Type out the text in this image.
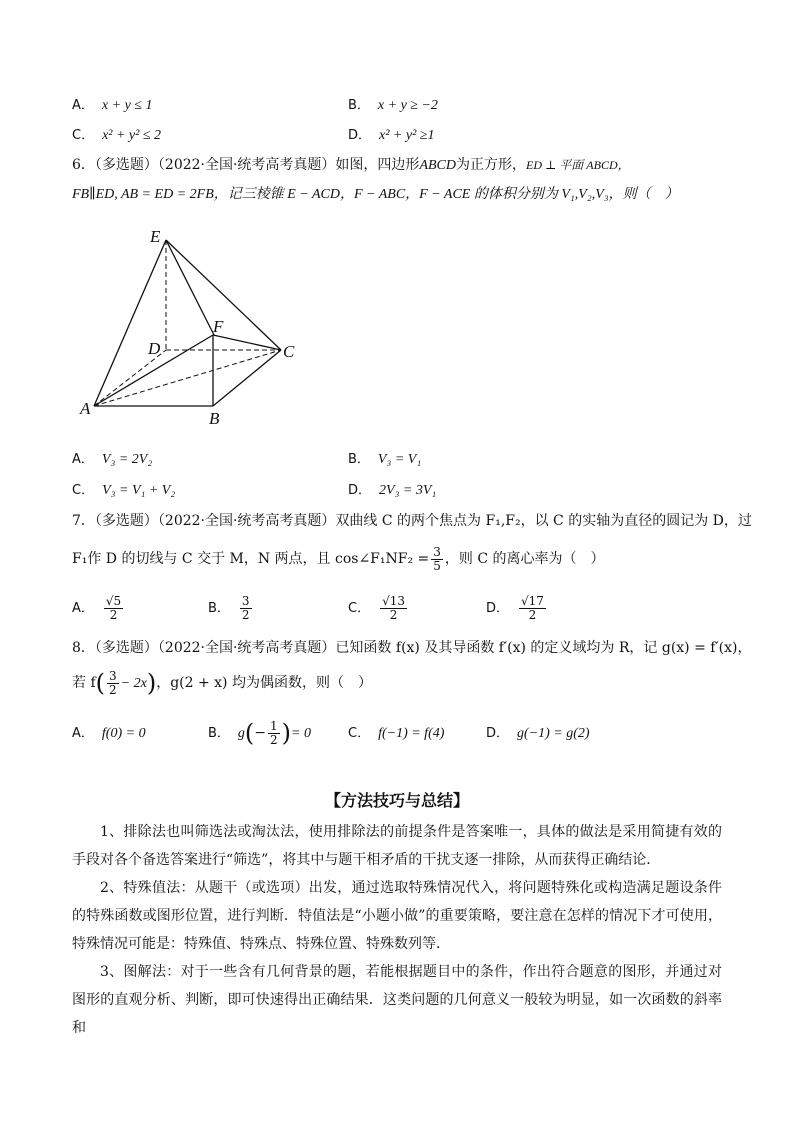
A． x + y ≤ 1	B． x + y ≥ −2
C． x² + y² ≤ 2	D． x² + y² ≥1
6．（多选题）（2022·全国·统考高考真题）如图，四边形ABCD为正方形，ED ⊥ 平面 ABCD，
FB∥ED, AB = ED = 2FB，记三棱锥 E − ACD，F − ABC，F − ACE 的体积分别为 V₁,V₂,V₃，则（　）
E
F
D	C
A
B
A． V₃ = 2V₂	B． V₃ = V₁
C． V₃ = V₁ + V₂	D． 2V₃ = 3V₁
7．（多选题）（2022·全国·统考高考真题）双曲线 C 的两个焦点为 F₁,F₂，以 C 的实轴为直径的圆记为 D，过
F₁作 D 的切线与 C 交于 M，N 两点，且 cos∠F₁NF₂ = $\frac{3}{5}$ ，则 C 的离心率为（　）
A． $\frac{√5}{2}$	B． $\frac{3}{2}$	C． $\frac{√13}{2}$	D． $\frac{√17}{2}$
8．（多选题）（2022·全国·统考高考真题）已知函数 f(x) 及其导函数 f′(x) 的定义域均为 R，记 g(x) = f′(x)，
若 $f( \frac{3}{2} - 2x)$，g(2 + x) 均为偶函数，则（　）
A． f(0) = 0	B． $g(- \frac{1}{2}$ )= 0	C． f(−1) = f(4)	D． g(−1) = g(2)
【方法技巧与总结】
1、排除法也叫筛选法或淘汰法，使用排除法的前提条件是答案唯一，具体的做法是采用简捷有效的手段对各个备选答案进行“筛选”，将其中与题干相矛盾的干扰支逐一排除，从而获得正确结论．
2、特殊值法：从题干（或选项）出发，通过选取特殊情况代入，将问题特殊化或构造满足题设条件的特殊函数或图形位置，进行判断．特值法是“小题小做”的重要策略，要注意在怎样的情况下才可使用，特殊情况可能是：特殊值、特殊点、特殊位置、特殊数列等．
3、图解法：对于一些含有几何背景的题，若能根据题目中的条件，作出符合题意的图形，并通过对图形的直观分析、判断，即可快速得出正确结果．这类问题的几何意义一般较为明显，如一次函数的斜率和
